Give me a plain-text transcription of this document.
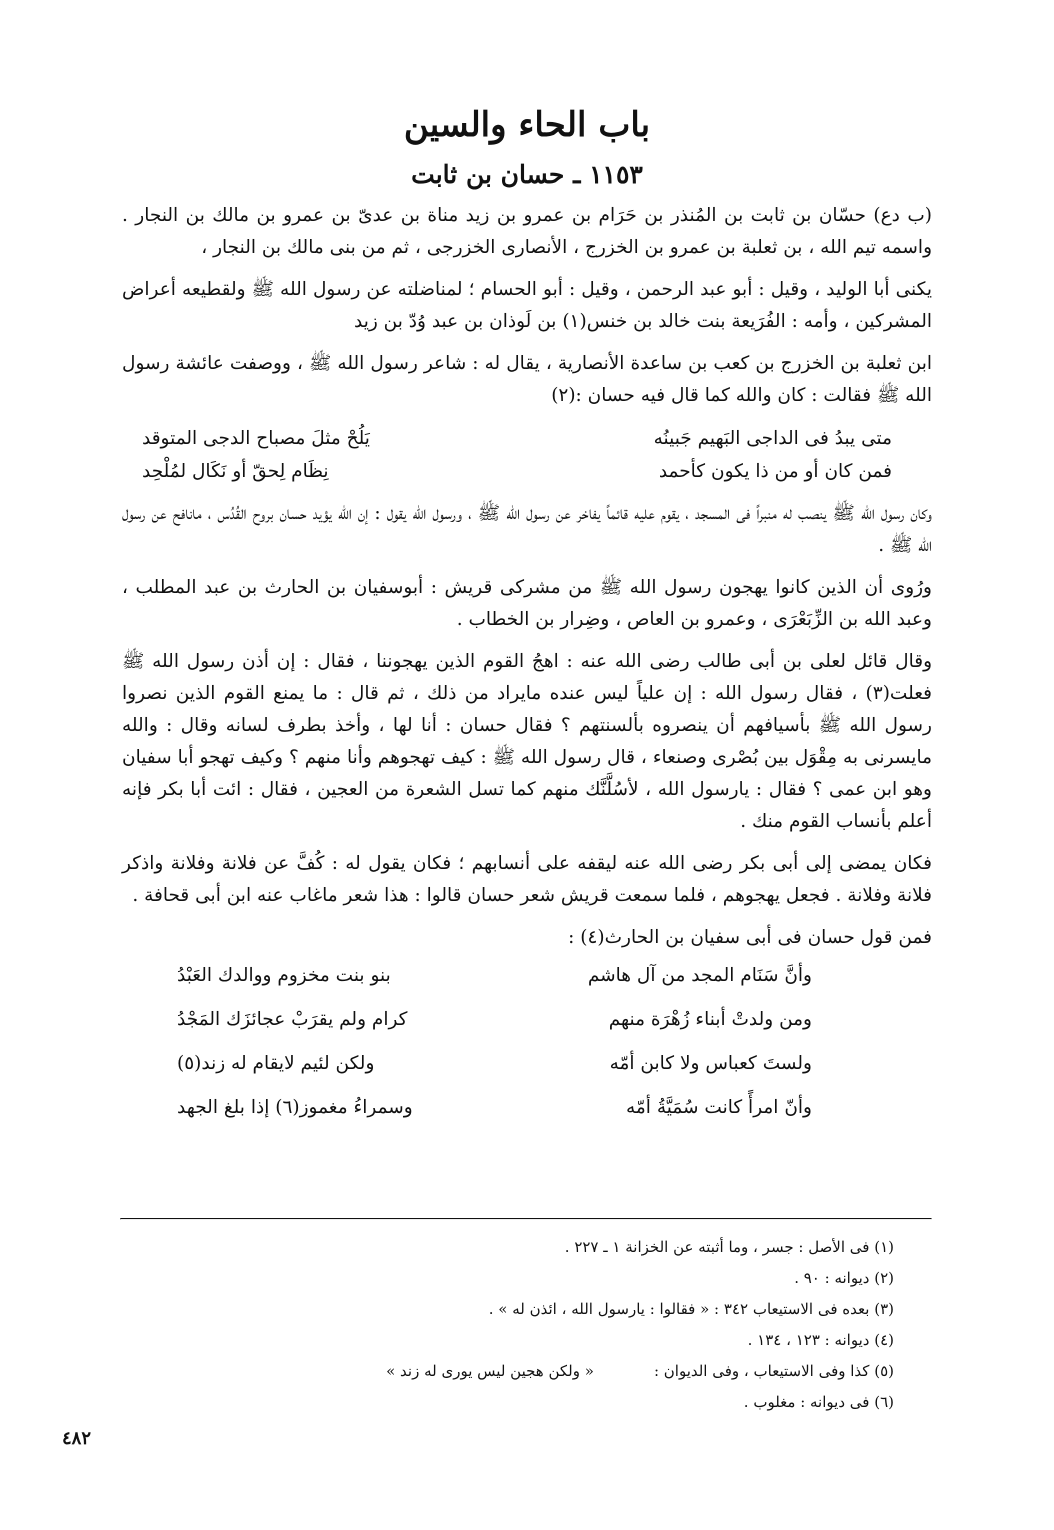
باب الحاء والسين
١١٥٣ ـ حسان بن ثابت

(ب دع) حسّان بن ثابت بن المُنذر بن حَرَام بن عمرو بن زيد مناة بن عدىّ بن عمرو بن مالك بن النجار . واسمه تيم الله ، بن ثعلبة بن عمرو بن الخزرج ، الأنصارى الخزرجى ، ثم من بنى مالك بن النجار ،

يكنى أبا الوليد ، وقيل : أبو عبد الرحمن ، وقيل : أبو الحسام ؛ لمناضلته عن رسول الله ﷺ ولقطيعه أعراض المشركين ، وأمه : الفُرَيعة بنت خالد بن خنس(١) بن لَوذان بن عبد وُدّ بن زيد

ابن ثعلبة بن الخزرج بن كعب بن ساعدة الأنصارية ، يقال له : شاعر رسول الله ﷺ ، ووصفت عائشة رسول الله ﷺ فقالت : كان والله كما قال فيه حسان :(٢)

متى يبدُ فى الداجى البَهيم جَبينُه
يَلُحْ مثلَ مصباح الدجى المتوقد
فمن كان أو من ذا يكون كأحمد
نِظَام لِحقّ أو نَكَال لمُلْحِد

وكان رسول الله ﷺ ينصب له منبراً فى المسجد ، يقوم عليه قائماً يفاخر عن رسول الله ﷺ ، ورسول الله يقول : إن الله يؤيد حسان بروح القُدُس ، مانافح عن رسول الله ﷺ .

ورُوى أن الذين كانوا يهجون رسول الله ﷺ من مشركى قريش : أبوسفيان بن الحارث بن عبد المطلب ، وعبد الله بن الزِّبَعْرَى ، وعمرو بن العاص ، وضِرار بن الخطاب .

وقال قائل لعلى بن أبى طالب رضى الله عنه : اهجُ القوم الذين يهجوننا ، فقال : إن أذن رسول الله ﷺ فعلت(٣) ، فقال رسول الله : إن علياً ليس عنده مايراد من ذلك ، ثم قال : ما يمنع القوم الذين نصروا رسول الله ﷺ بأسيافهم أن ينصروه بألسنتهم ؟ فقال حسان : أنا لها ، وأخذ بطرف لسانه وقال : والله مايسرنى به مِقْوَل بين بُصْرى وصنعاء ، قال رسول الله ﷺ : كيف تهجوهم وأنا منهم ؟ وكيف تهجو أبا سفيان وهو ابن عمى ؟ فقال : يارسول الله ، لأسُلَّنَّك منهم كما تسل الشعرة من العجين ، فقال : ائت أبا بكر فإنه أعلم بأنساب القوم منك .

فكان يمضى إلى أبى بكر رضى الله عنه ليقفه على أنسابهم ؛ فكان يقول له : كُفَّ عن فلانة وفلانة واذكر فلانة وفلانة . فجعل يهجوهم ، فلما سمعت قريش شعر حسان قالوا : هذا شعر ماغاب عنه ابن أبى قحافة .

فمن قول حسان فى أبى سفيان بن الحارث(٤) :

وأنَّ سَنَام المجد من آل هاشم
بنو بنت مخزوم ووالدك العَبْدُ
ومن ولدتْ أبناء زُهْرَة منهم
كرام ولم يقرَبْ عجائزَك المَجْدُ
ولستَ كعباس ولا كابن أمّه
ولكن لئيم لايقام له زند(٥)
وأنّ امرأً كانت سُمَيَّةُ أمّه
وسمراءُ مغموز(٦) إذا بلغ الجهد

(١) فى الأصل : جسر ، وما أثبته عن الخزانة ١ ـ ٢٢٧ .

(٢) ديوانه : ٩٠ .

(٣) بعده فى الاستيعاب ٣٤٢ : « فقالوا : يارسول الله ، ائذن له » .

(٤) ديوانه : ١٢٣ ، ١٣٤ .

(٥) كذا وفى الاستيعاب ، وفى الديوان :
« ولكن هجين ليس يورى له زند »

(٦) فى ديوانه : مغلوب .

٤٨٢
